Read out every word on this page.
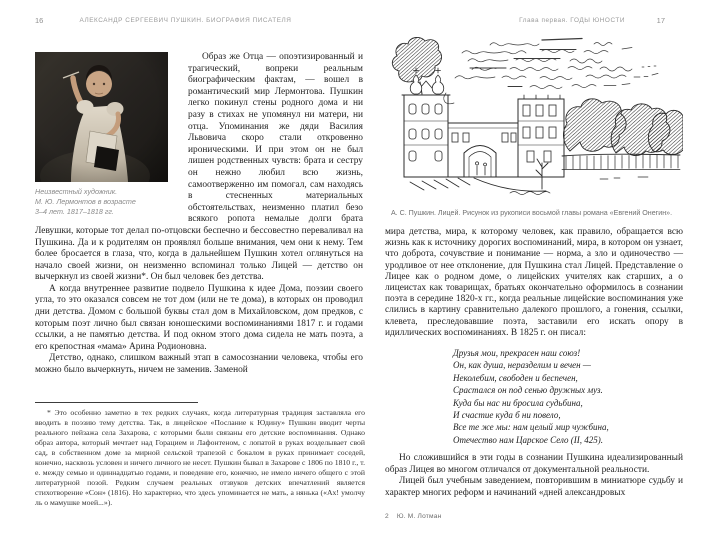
16	АЛЕКСАНДР СЕРГЕЕВИЧ ПУШКИН. БИОГРАФИЯ ПИСАТЕЛЯ
Неизвестный художник.
М. Ю. Лермонтов в возрасте
3–4 лет. 1817–1818 гг.

Образ же Отца — опоэтизированный и трагический, вопреки реальным биографическим фактам, — вошел в романтический мир Лермонтова. Пушкин легко покинул стены родного дома и ни разу в стихах не упомянул ни матери, ни отца. Упоминания же дяди Василия Львовича скоро стали откровенно ироническими. И при этом он не был лишен родственных чувств: брата и сестру он нежно любил всю жизнь, самоотверженно им помогал, сам находясь в стесненных материальных обстоятельствах, неизменно платил безо всякого ропота немалые долги брата Левушки, которые тот делал по-отцовски беспечно и бессовестно переваливал на Пушкина. Да и к родителям он проявлял больше внимания, чем они к нему. Тем более бросается в глаза, что, когда в дальнейшем Пушкин хотел оглянуться на начало своей жизни, он неизменно вспоминал только Лицей — детство он вычеркнул из своей жизни*. Он был человек без детства.

А когда внутреннее развитие подвело Пушкина к идее Дома, поэзии своего угла, то это оказался совсем не тот дом (или не те дома), в которых он проводил дни детства. Домом с большой буквы стал дом в Михайловском, дом предков, с которым поэт лично был связан юношескими воспоминаниями 1817 г. и годами ссылки, а не памятью детства. И под окном этого дома сидела не мать поэта, а его крепостная «мама» Арина Родионовна.

Детство, однако, слишком важный этап в самосознании человека, чтобы его можно было вычеркнуть, ничем не заменив. Заменой

* Это особенно заметно в тех редких случаях, когда литературная традиция заставляла его вводить в поэзию тему детства. Так, в лицейское «Послание к Юдину» Пушкин вводит черты реального пейзажа села Захарова, с которыми были связаны его детские воспоминания. Однако образ автора, который мечтает над Горацием и Лафонтеном, с лопатой в руках возделывает свой сад, в собственном доме за мирной сельской трапезой с бокалом в руках принимает соседей, конечно, насквозь условен и ничего личного не несет. Пушкин бывал в Захарове с 1806 по 1810 г., т. е. между семью и одиннадцатью годами, и поведение его, конечно, не имело ничего общего с этой литературной позой. Редким случаем реальных отзвуков детских впечатлений является стихотворение «Сон» (1816). Но характерно, что здесь упоминается не мать, а нянька («Ах! умолчу ль о мамушке моей...»).

Глава первая. ГОДЫ ЮНОСТИ	17
А. С. Пушкин. Лицей. Рисунок из рукописи восьмой главы романа «Евгений Онегин».

мира детства, мира, к которому человек, как правило, обращается всю жизнь как к источнику дорогих воспоминаний, мира, в котором он узнает, что доброта, сочувствие и понимание — норма, а зло и одиночество — уродливое от нее отклонение, для Пушкина стал Лицей. Представление о Лицее как о родном доме, о лицейских учителях как старших, а о лицеистах как товарищах, братьях окончательно оформилось в сознании поэта в середине 1820-х гг., когда реальные лицейские воспоминания уже слились в картину сравнительно далекого прошлого, а гонения, ссылки, клевета, преследовавшие поэта, заставили его искать опору в идиллических воспоминаниях. В 1825 г. он писал:

Друзья мои, прекрасен наш союз!
Он, как душа, неразделим и вечен —
Неколебим, свободен и беспечен,
Срастался он под сенью дружных муз.
Куда бы нас ни бросила судьбина,
И счастие куда б ни повело,
Все те же мы: нам целый мир чужбина,
Отечество нам Царское Село (II, 425).

Но сложившийся в эти годы в сознании Пушкина идеализированный образ Лицея во многом отличался от документальной реальности.

Лицей был учебным заведением, повторившим в миниатюре судьбу и характер многих реформ и начинаний «дней александровых

2 Ю. М. Лотман
